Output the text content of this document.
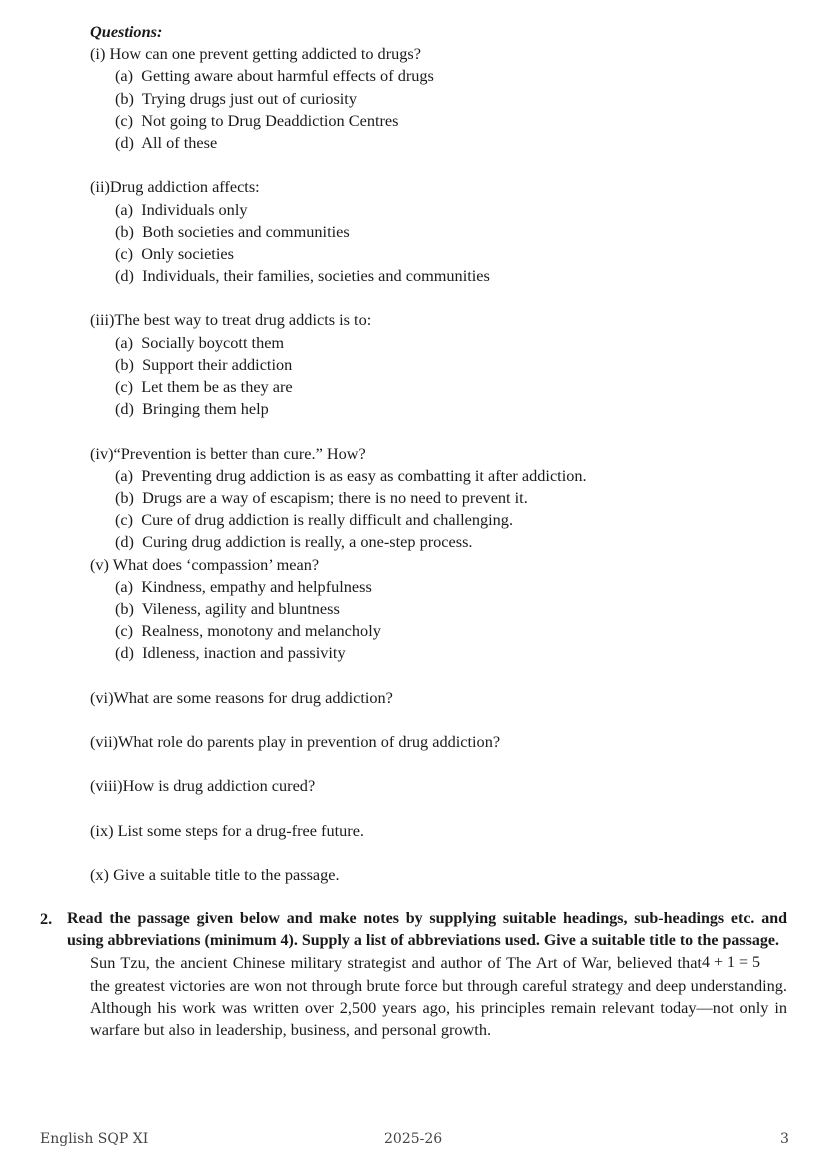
Questions:
(i) How can one prevent getting addicted to drugs?
(a)  Getting aware about harmful effects of drugs
(b)  Trying drugs just out of curiosity
(c)  Not going to Drug Deaddiction Centres
(d)  All of these
(ii)Drug addiction affects:
(a)  Individuals only
(b)  Both societies and communities
(c)  Only societies
(d)  Individuals, their families, societies and communities
(iii)The best way to treat drug addicts is to:
(a)  Socially boycott them
(b)  Support their addiction
(c)  Let them be as they are
(d)  Bringing them help
(iv)“Prevention is better than cure.” How?
(a)  Preventing drug addiction is as easy as combatting it after addiction.
(b)  Drugs are a way of escapism; there is no need to prevent it.
(c)  Cure of drug addiction is really difficult and challenging.
(d)  Curing drug addiction is really, a one-step process.
(v) What does ‘compassion’ mean?
(a)  Kindness, empathy and helpfulness
(b)  Vileness, agility and bluntness
(c)  Realness, monotony and melancholy
(d)  Idleness, inaction and passivity
(vi)What are some reasons for drug addiction?
(vii)What role do parents play in prevention of drug addiction?
(viii)How is drug addiction cured?
(ix) List some steps for a drug-free future.
(x) Give a suitable title to the passage.
2. Read the passage given below and make notes by supplying suitable headings, sub-headings etc. and using abbreviations (minimum 4). Supply a list of abbreviations used. Give a suitable title to the passage.
4 + 1 = 5
Sun Tzu, the ancient Chinese military strategist and author of The Art of War, believed that the greatest victories are won not through brute force but through careful strategy and deep understanding. Although his work was written over 2,500 years ago, his principles remain relevant today—not only in warfare but also in leadership, business, and personal growth.
English SQP XI	2025-26	3
